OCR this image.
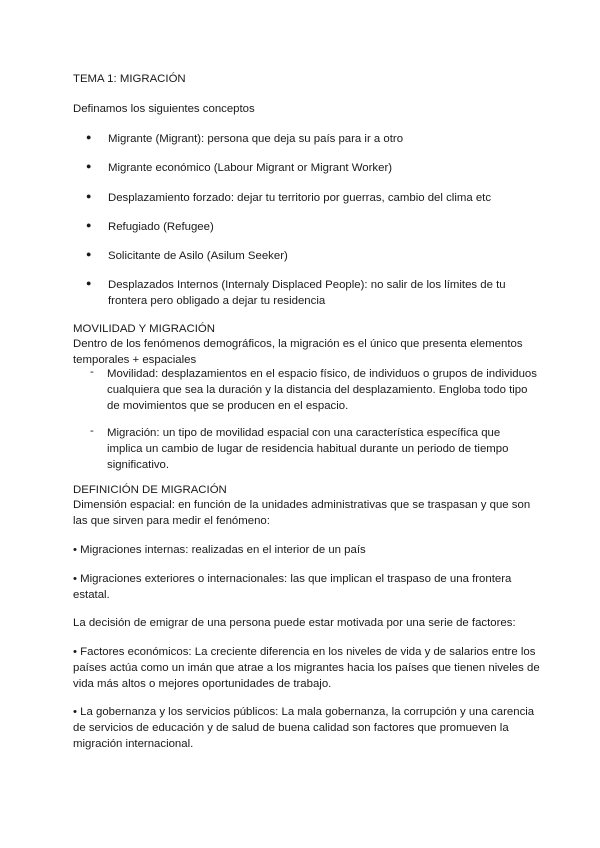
TEMA 1: MIGRACIÓN
Definamos los siguientes conceptos
● Migrante (Migrant): persona que deja su país para ir a otro
● Migrante económico (Labour Migrant or Migrant Worker)
● Desplazamiento forzado: dejar tu territorio por guerras, cambio del clima etc
● Refugiado (Refugee)
● Solicitante de Asilo (Asilum Seeker)
● Desplazados Internos (Internaly Displaced People): no salir de los límites de tu
frontera pero obligado a dejar tu residencia
MOVILIDAD Y MIGRACIÓN
Dentro de los fenómenos demográficos, la migración es el único que presenta elementos
temporales + espaciales
- Movilidad: desplazamientos en el espacio físico, de individuos o grupos de individuos
cualquiera que sea la duración y la distancia del desplazamiento. Engloba todo tipo
de movimientos que se producen en el espacio.
- Migración: un tipo de movilidad espacial con una característica específica que
implica un cambio de lugar de residencia habitual durante un periodo de tiempo
significativo.
DEFINICIÓN DE MIGRACIÓN
Dimensión espacial: en función de la unidades administrativas que se traspasan y que son
las que sirven para medir el fenómeno:
• Migraciones internas: realizadas en el interior de un país
• Migraciones exteriores o internacionales: las que implican el traspaso de una frontera
estatal.
La decisión de emigrar de una persona puede estar motivada por una serie de factores:
• Factores económicos: La creciente diferencia en los niveles de vida y de salarios entre los
países actúa como un imán que atrae a los migrantes hacia los países que tienen niveles de
vida más altos o mejores oportunidades de trabajo.
• La gobernanza y los servicios públicos: La mala gobernanza, la corrupción y una carencia
de servicios de educación y de salud de buena calidad son factores que promueven la
migración internacional.
